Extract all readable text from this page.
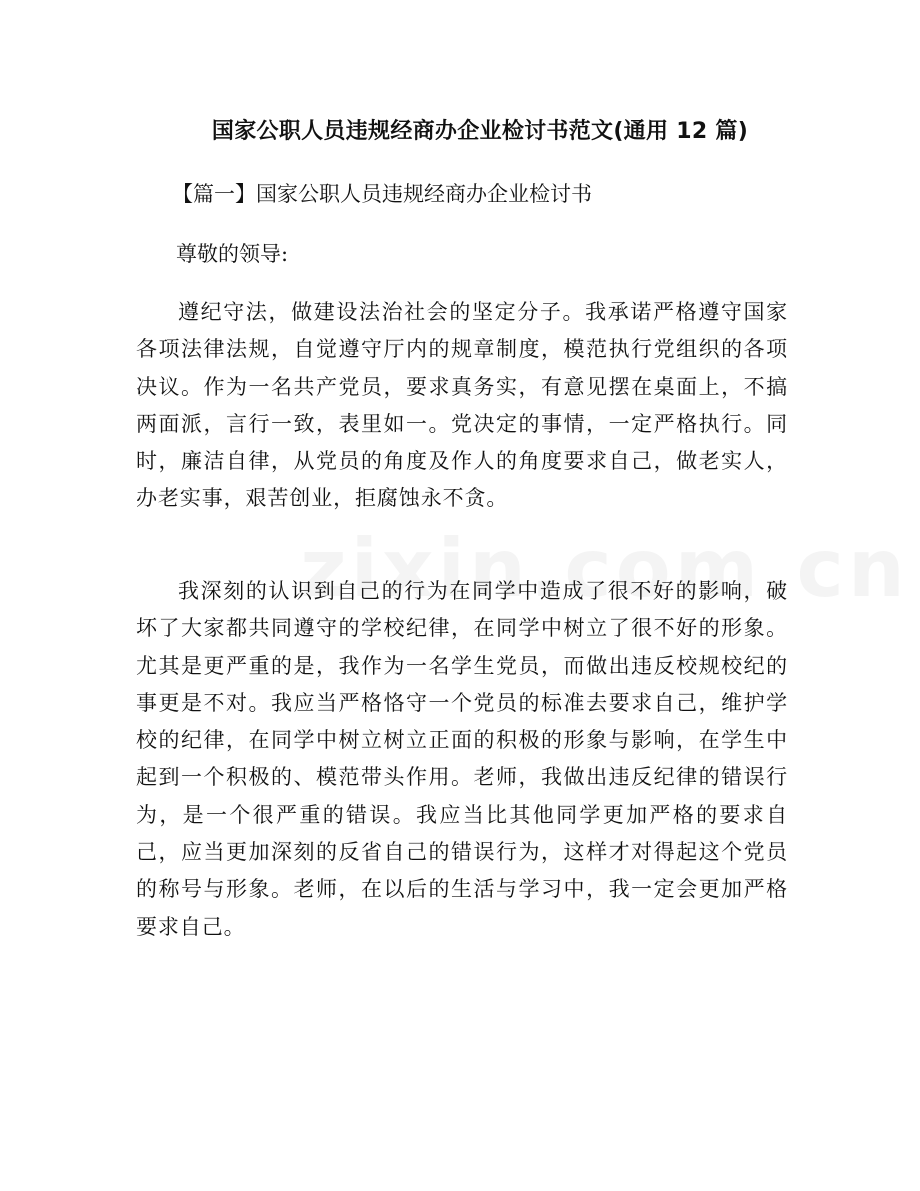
国家公职人员违规经商办企业检讨书范文(通用 12 篇)
【篇一】国家公职人员违规经商办企业检讨书
尊敬的领导:

遵纪守法，做建设法治社会的坚定分子。我承诺严格遵守国家各项法律法规，自觉遵守厅内的规章制度，模范执行党组织的各项决议。作为一名共产党员，要求真务实，有意见摆在桌面上，不搞两面派，言行一致，表里如一。党决定的事情，一定严格执行。同时，廉洁自律，从党员的角度及作人的角度要求自己，做老实人，办老实事，艰苦创业，拒腐蚀永不贪。

我深刻的认识到自己的行为在同学中造成了很不好的影响，破坏了大家都共同遵守的学校纪律，在同学中树立了很不好的形象。尤其是更严重的是，我作为一名学生党员，而做出违反校规校纪的事更是不对。我应当严格恪守一个党员的标准去要求自己，维护学校的纪律，在同学中树立树立正面的积极的形象与影响，在学生中起到一个积极的、模范带头作用。老师，我做出违反纪律的错误行为，是一个很严重的错误。我应当比其他同学更加严格的要求自己，应当更加深刻的反省自己的错误行为，这样才对得起这个党员的称号与形象。老师，在以后的生活与学习中，我一定会更加严格要求自己。
